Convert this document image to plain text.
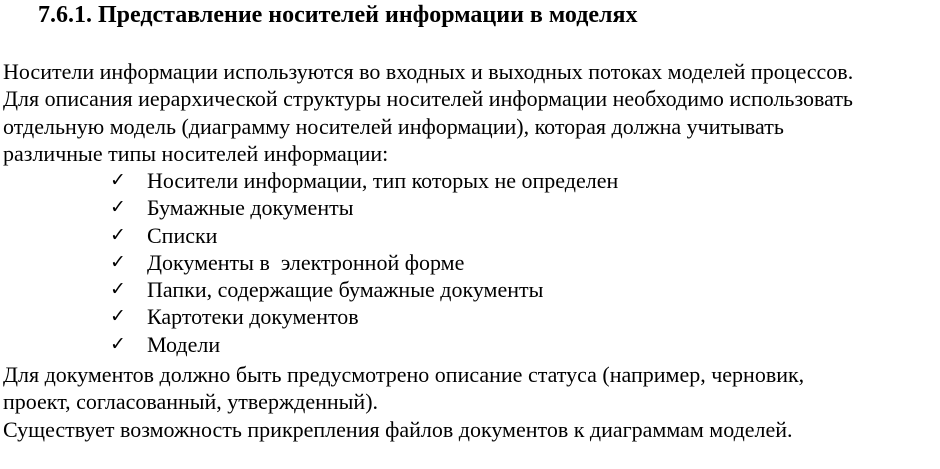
7.6.1. Представление носителей информации в моделях

Носители информации используются во входных и выходных потоках моделей процессов.
Для описания иерархической структуры носителей информации необходимо использовать
отдельную модель (диаграмму носителей информации), которая должна учитывать
различные типы носителей информации:

✓ Носители информации, тип которых не определен
✓ Бумажные документы
✓ Списки
✓ Документы в  электронной форме
✓ Папки, содержащие бумажные документы
✓ Картотеки документов
✓ Модели

Для документов должно быть предусмотрено описание статуса (например, черновик,
проект, согласованный, утвержденный).

Существует возможность прикрепления файлов документов к диаграммам моделей.
